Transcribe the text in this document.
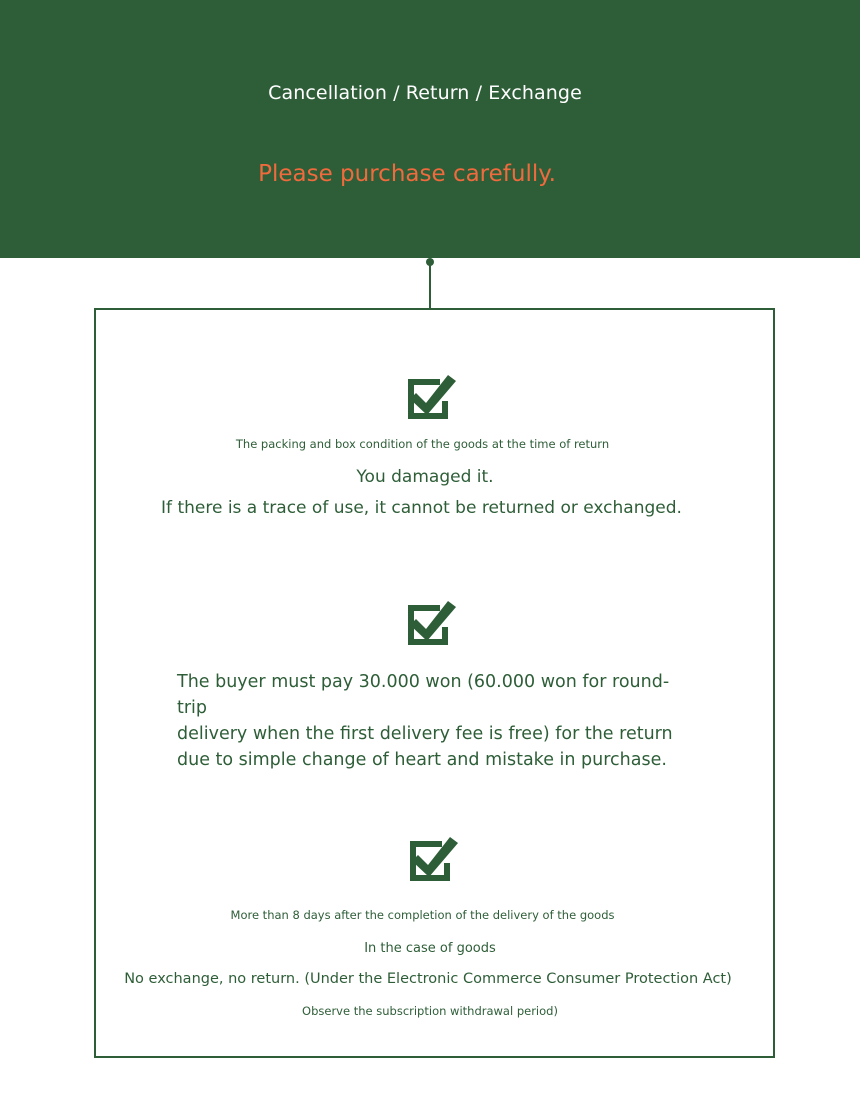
Cancellation / Return / Exchange
Please purchase carefully.
The packing and box condition of the goods at the time of return
You damaged it.
If there is a trace of use, it cannot be returned or exchanged.
The buyer must pay 30.000 won (60.000 won for round-trip
delivery when the first delivery fee is free) for the return
due to simple change of heart and mistake in purchase.
More than 8 days after the completion of the delivery of the goods
In the case of goods
No exchange, no return. (Under the Electronic Commerce Consumer Protection Act)
Observe the subscription withdrawal period)
